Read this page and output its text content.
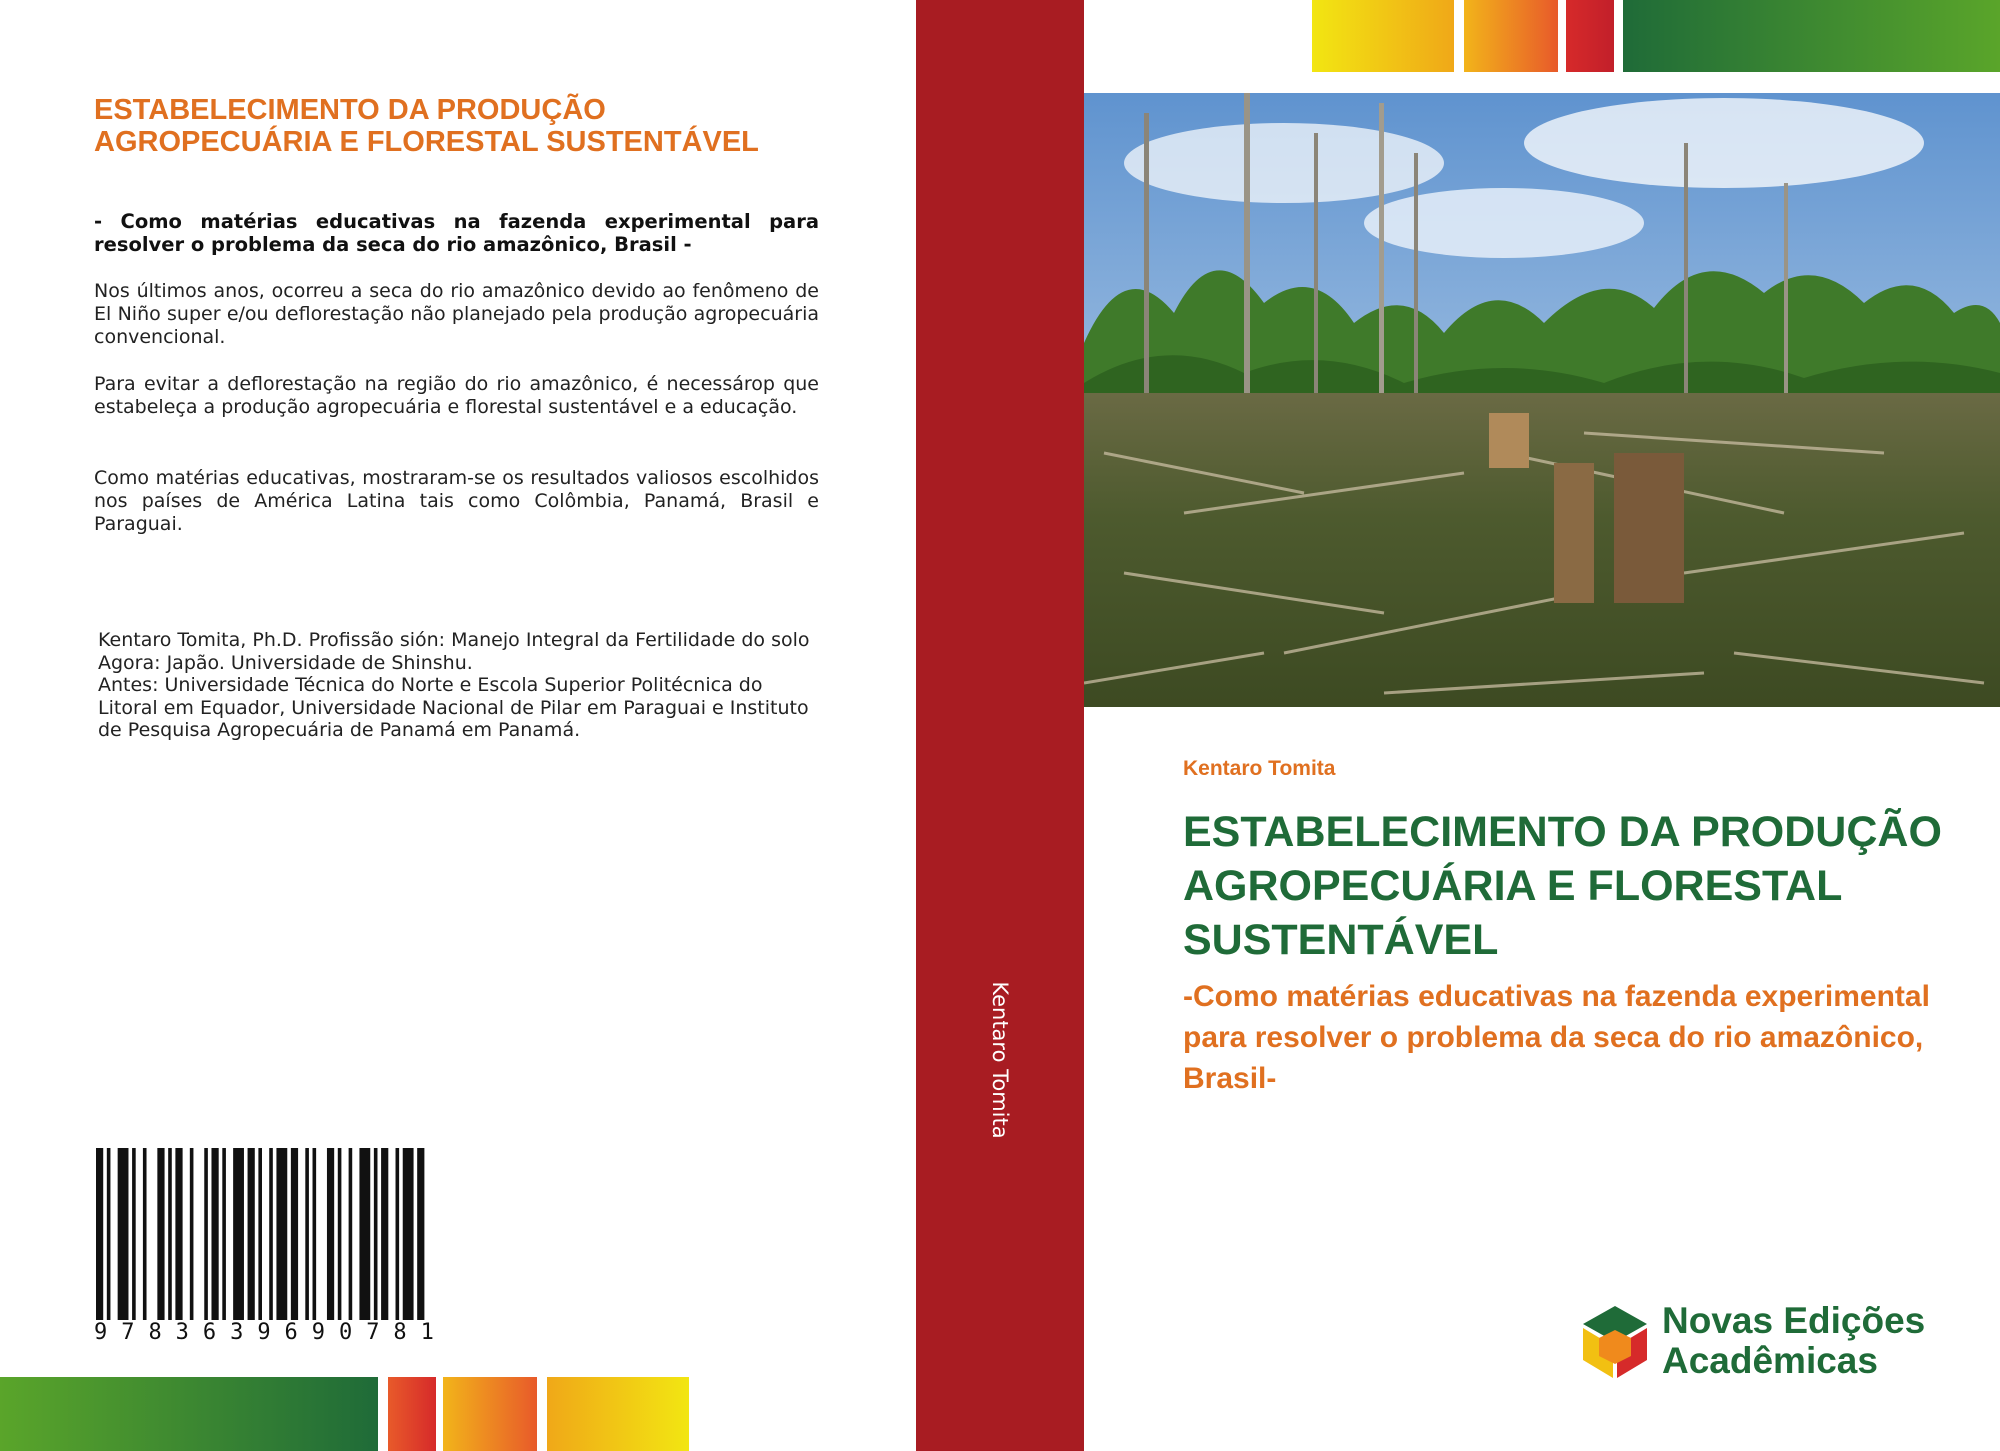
ESTABELECIMENTO DA PRODUÇÃO AGROPECUÁRIA E FLORESTAL SUSTENTÁVEL

- Como matérias educativas na fazenda experimental para resolver o problema da seca do rio amazônico, Brasil -

Nos últimos anos, ocorreu a seca do rio amazônico devido ao fenômeno de El Niño super e/ou deflorestação não planejado pela produção agropecuária convencional.

Para evitar a deflorestação na região do rio amazônico, é necessárop que estabeleça a produção agropecuária e florestal sustentável e a educação.

Como matérias educativas, mostraram-se os resultados valiosos escolhidos nos países de América Latina tais como Colômbia, Panamá, Brasil e Paraguai.

Kentaro Tomita, Ph.D. Profissão sión: Manejo Integral da Fertilidade do solo Agora: Japão. Universidade de Shinshu.
Antes: Universidade Técnica do Norte e Escola Superior Politécnica do Litoral em Equador, Universidade Nacional de Pilar em Paraguai e Instituto de Pesquisa Agropecuária de Panamá em Panamá.
9 7 8 3 6 3 9 6 9 0 7 8 1
Kentaro Tomita
Kentaro Tomita
ESTABELECIMENTO DA PRODUÇÃO AGROPECUÁRIA E FLORESTAL SUSTENTÁVEL

-Como matérias educativas na fazenda experimental para resolver o problema da seca do rio amazônico, Brasil-

Novas Edições
Acadêmicas
